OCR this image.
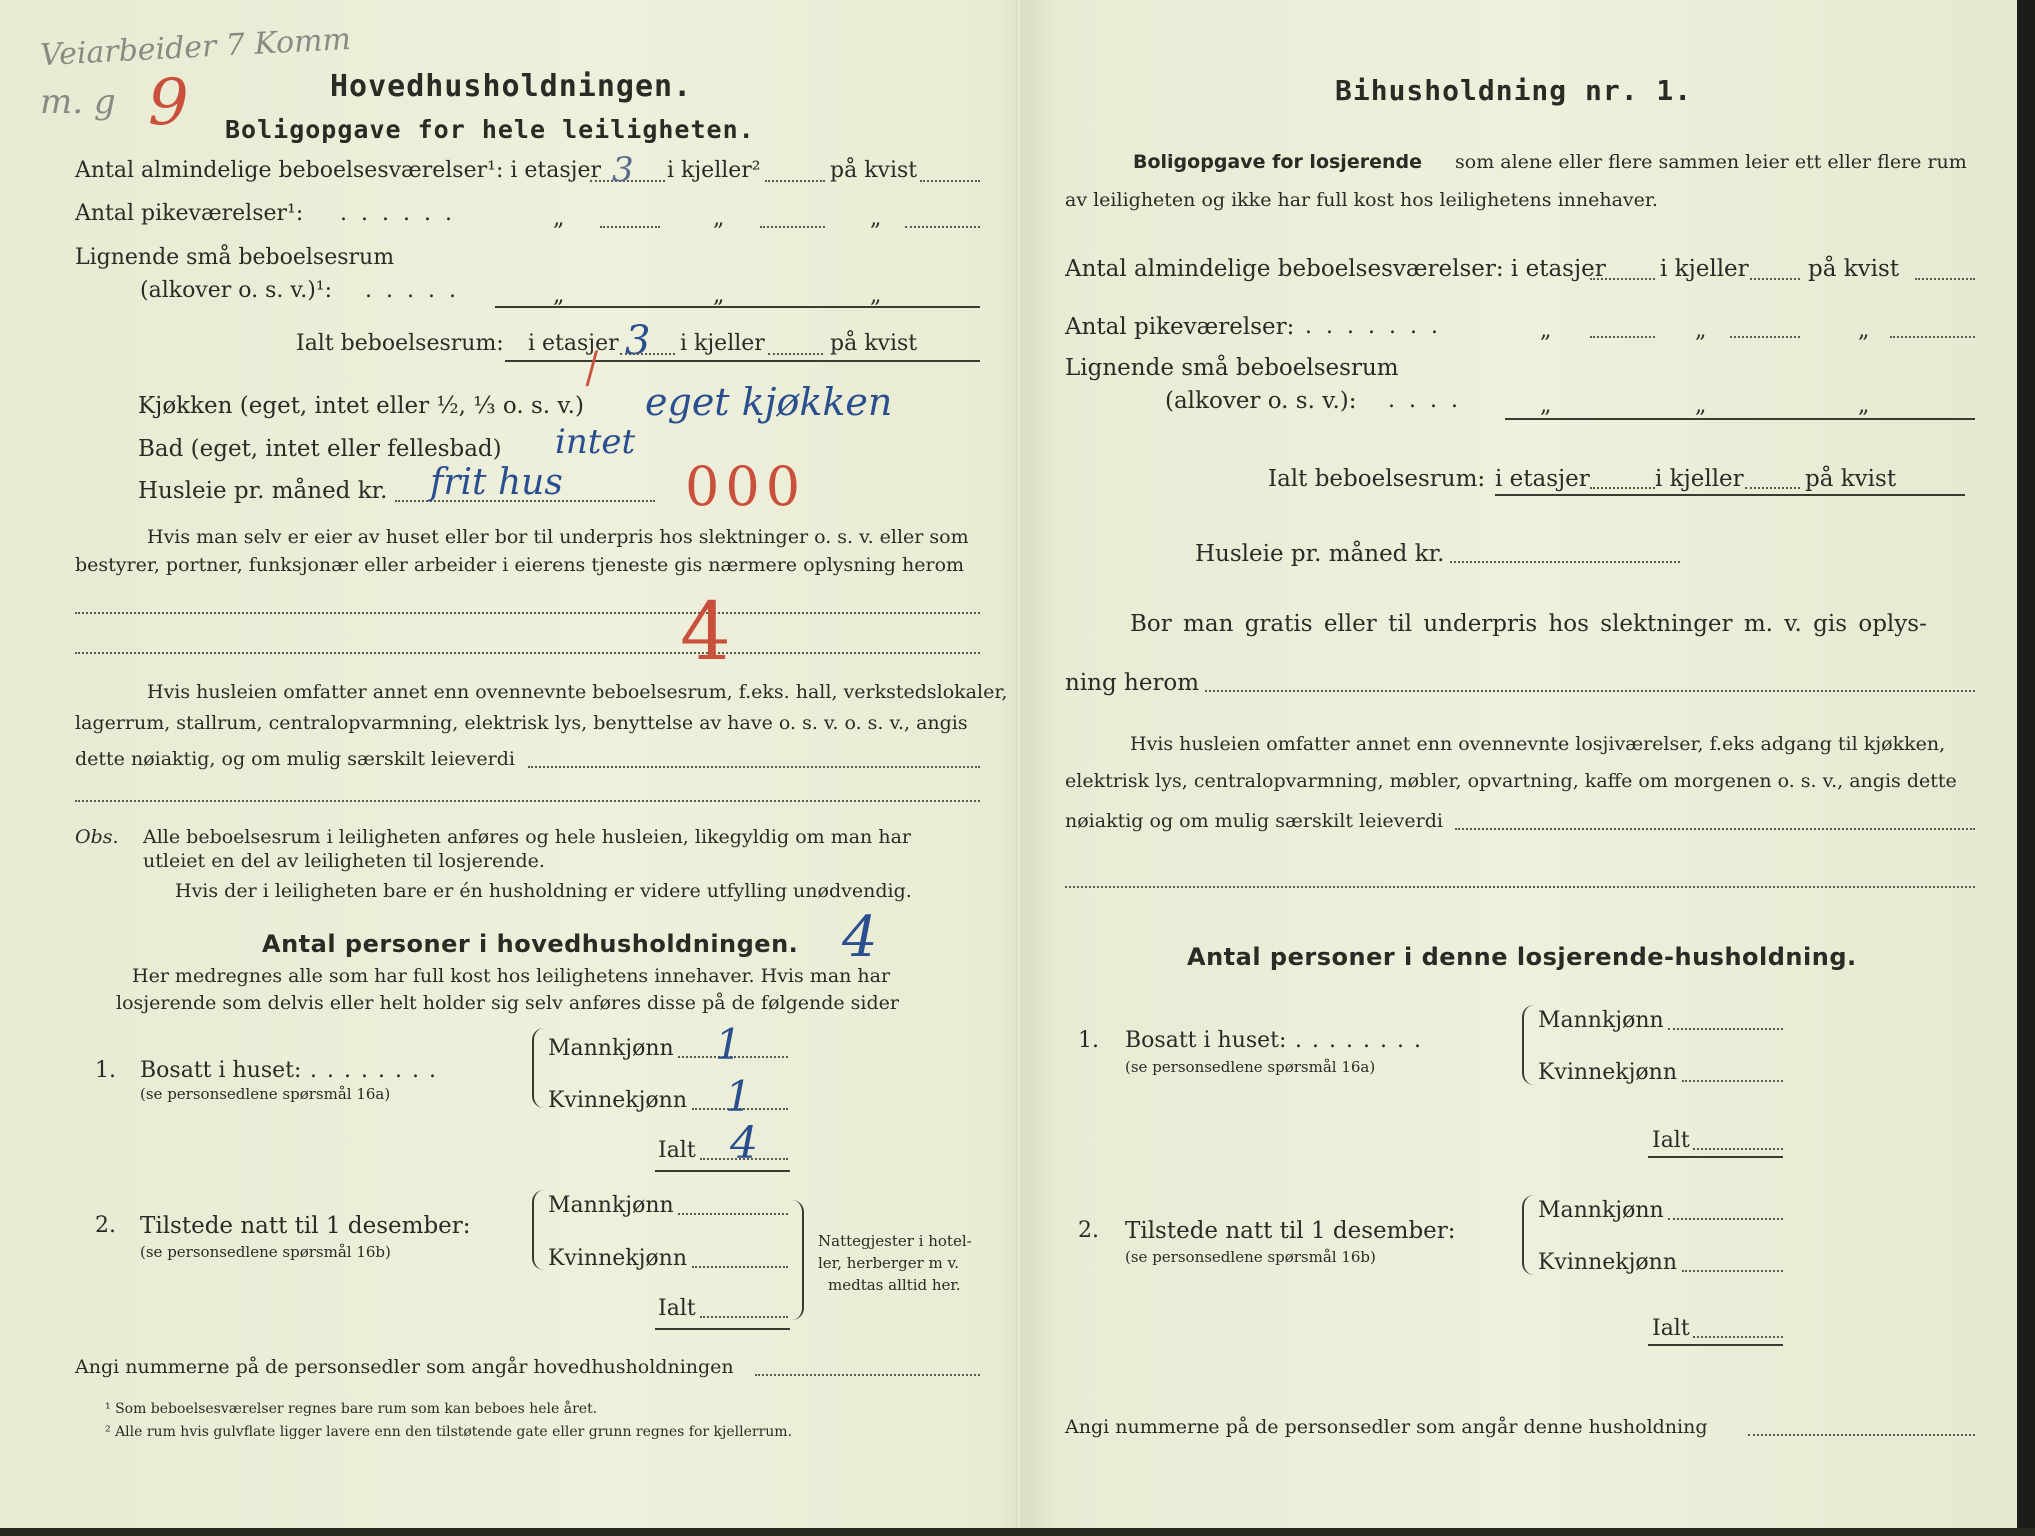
Veiarbeider 7 Komm
m. g 9	Hovedhusholdningen.
Boligopgave for hele leiligheten.
Antal almindelige beboelsesværelser¹: i etasjer 3 i kjeller²	på kvist
Antal pikeværelser¹: ......	„	„	„
Lignende små beboelsesrum
(alkover o. s. v.)¹: .....	„	„	„
Ialt beboelsesrum: i etasjer 3 i kjeller	på kvist
/
Kjøkken (eget, intet eller ½, ⅓ o. s. v.) eget kjøkken
Bad (eget, intet eller fellesbad) intet
Husleie pr. måned kr. frit hus 000
Hvis man selv er eier av huset eller bor til underpris hos slektninger o. s. v. eller som
bestyrer, portner, funksjonær eller arbeider i eierens tjeneste gis nærmere oplysning herom
4
Hvis husleien omfatter annet enn ovennevnte beboelsesrum, f.eks. hall, verkstedslokaler,
lagerrum, stallrum, centralopvarmning, elektrisk lys, benyttelse av have o. s. v. o. s. v., angis
dette nøiaktig, og om mulig særskilt leieverdi
Obs. Alle beboelsesrum i leiligheten anføres og hele husleien, likegyldig om man har
utleiet en del av leiligheten til losjerende.
Hvis der i leiligheten bare er én husholdning er videre utfylling unødvendig.
Antal personer i hovedhusholdningen. 4
Her medregnes alle som har full kost hos leilighetens innehaver. Hvis man har
losjerende som delvis eller helt holder sig selv anføres disse på de følgende sider
1. Bosatt i huset: ........
(se personsedlene spørsmål 16a)
Mannkjønn 1
Kvinnekjønn 1
Ialt 4
2. Tilstede natt til 1 desember:
(se personsedlene spørsmål 16b)
Mannkjønn
Kvinnekjønn
Ialt
Nattegjester i hotel-
ler, herberger m v.
medtas alltid her.
Angi nummerne på de personsedler som angår hovedhusholdningen
¹ Som beboelsesværelser regnes bare rum som kan beboes hele året.
² Alle rum hvis gulvflate ligger lavere enn den tilstøtende gate eller grunn regnes for kjellerrum.
Bihusholdning nr. 1.
Boligopgave for losjerende som alene eller flere sammen leier ett eller flere rum
av leiligheten og ikke har full kost hos leilighetens innehaver.
Antal almindelige beboelsesværelser: i etasjer i kjeller	på kvist
Antal pikeværelser: .......	„	„	„
Lignende små beboelsesrum
(alkover o. s. v.): ....	„	„	„
Ialt beboelsesrum: i etasjer	i kjeller	på kvist
Husleie pr. måned kr.
Bor man gratis eller til underpris hos slektninger m. v. gis oplys-
ning herom
Hvis husleien omfatter annet enn ovennevnte losjiværelser, f.eks adgang til kjøkken,
elektrisk lys, centralopvarmning, møbler, opvartning, kaffe om morgenen o. s. v., angis dette
nøiaktig og om mulig særskilt leieverdi
Antal personer i denne losjerende-husholdning.
1. Bosatt i huset: ........
(se personsedlene spørsmål 16a)
Mannkjønn
Kvinnekjønn
Ialt
2. Tilstede natt til 1 desember:
(se personsedlene spørsmål 16b)
Mannkjønn
Kvinnekjønn
Ialt
Angi nummerne på de personsedler som angår denne husholdning
